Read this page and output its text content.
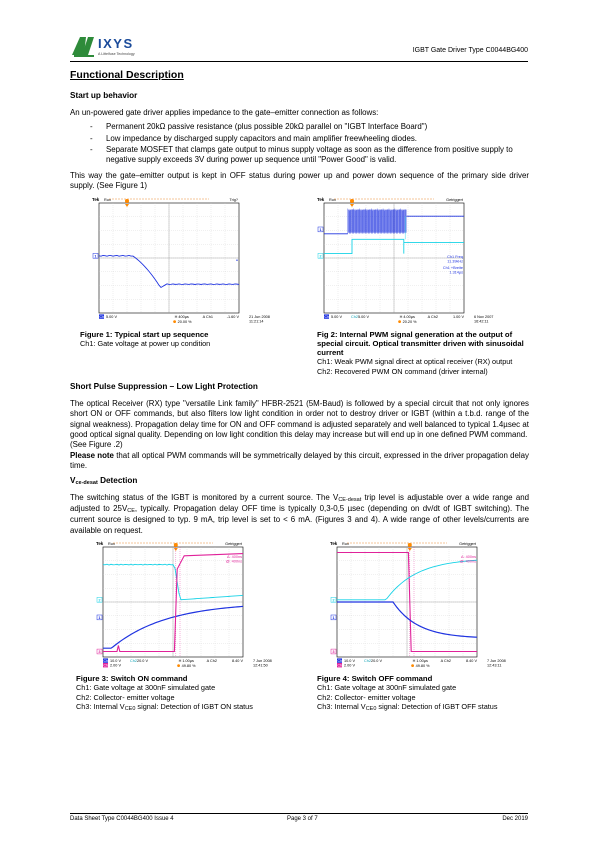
IXYS
A Littelfuse Technology	IGBT Gate Driver Type C0044BG400
Functional Description
Start up behavior

An un-powered gate driver applies impedance to the gate–emitter connection as follows:

- Permanent 20kΩ passive resistance (plus possible 20kΩ parallel on "IGBT Interface Board")
- Low impedance by discharged supply capacitors and main amplifier freewheeling diodes.
- Separate MOSFET that clamps gate output to minus supply voltage as soon as the difference from positive supply to negative supply exceeds 3V during power up sequence until "Power Good" is valid.

This way the gate–emitter output is kept in OFF status during power up and power down sequence of the primary side driver supply. (See Figure 1)

Tek Run	Trig?
Ch1 5.00 V	H 400µs	A Ch1	-1.60 V	21 Jun 2008
11:21:14
20.00 %
1
Figure 1: Typical start up sequence
Ch1: Gate voltage at power up condition
Tek Run	Getriggert
Ch1 5.00 V Ch2 5.00 V	H 4.00µs	A Ch2	1.00 V	6 Nov 2007
16:42:11
20.20 %
1
2	Ch1 Freq
11.39kHz
Ch1 +Breite
1.314µs
Fig 2: Internal PWM signal generation at the output of special circuit. Optical transmitter driven with sinusoidal current
Ch1: Weak PWM signal direct at optical receiver (RX) output
Ch2: Recovered PWM ON command (driver internal)
Short Pulse Suppression – Low Light Protection

The optical Receiver (RX) type "versatile Link family" HFBR-2521 (5M-Baud) is followed by a special circuit that not only ignores short ON or OFF commands, but also filters low light condition in order not to destroy driver or IGBT (within a t.b.d. range of the signal weakness). Propagation delay time for ON and OFF command is adjusted separately and well balanced to typical 1.4µsec at good optical signal quality. Depending on low light condition this delay may increase but will end up in one defined PWM command.

(See Figure .2)

Please note that all optical PWM commands will be symmetrically delayed by this circuit, expressed in the driver propagation delay time.

Vce-desat Detection

The switching status of the IGBT is monitored by a current source. The VCE-desat trip level is adjustable over a wide range and adjusted to 25VCE, typically. Propagation delay OFF time is typically 0,3-0,5 µsec (depending on dv/dt of IGBT switching). The current source is designed to typ. 9 mA, trip level is set to < 6 mA. (Figures 3 and 4). A wide range of other levels/currents are available on request.

Tek Run	Getriggert
Ch1 10.0 V Ch2 20.0 V	H 1.00µs	A Ch2	8.40 V
Ch3 2.00 V
7 Jun 2008
12:41:50
49.80 %
2
1
3
Δ: 400ns
@: 400ns
Figure 3: Switch ON command
Ch1: Gate voltage at 300nF simulated gate
Ch2: Collector- emitter voltage
Ch3: Internal VCE0 signal: Detection of IGBT ON status
Tek Run	Getriggert
Ch1 10.0 V Ch2 20.0 V	H 1.00µs	A Ch2	8.40 V
Ch3 2.00 V
7 Jun 2008
12:43:11
49.80 %
2
1
3
Δ: 400ns
@: 400ns
Figure 4: Switch OFF command
Ch1: Gate voltage at 300nF simulated gate
Ch2: Collector- emitter voltage
Ch3: Internal VCE0 signal: Detection of IGBT OFF status
Data Sheet Type C0044BG400 Issue 4	Page 3 of 7	Dec 2019
